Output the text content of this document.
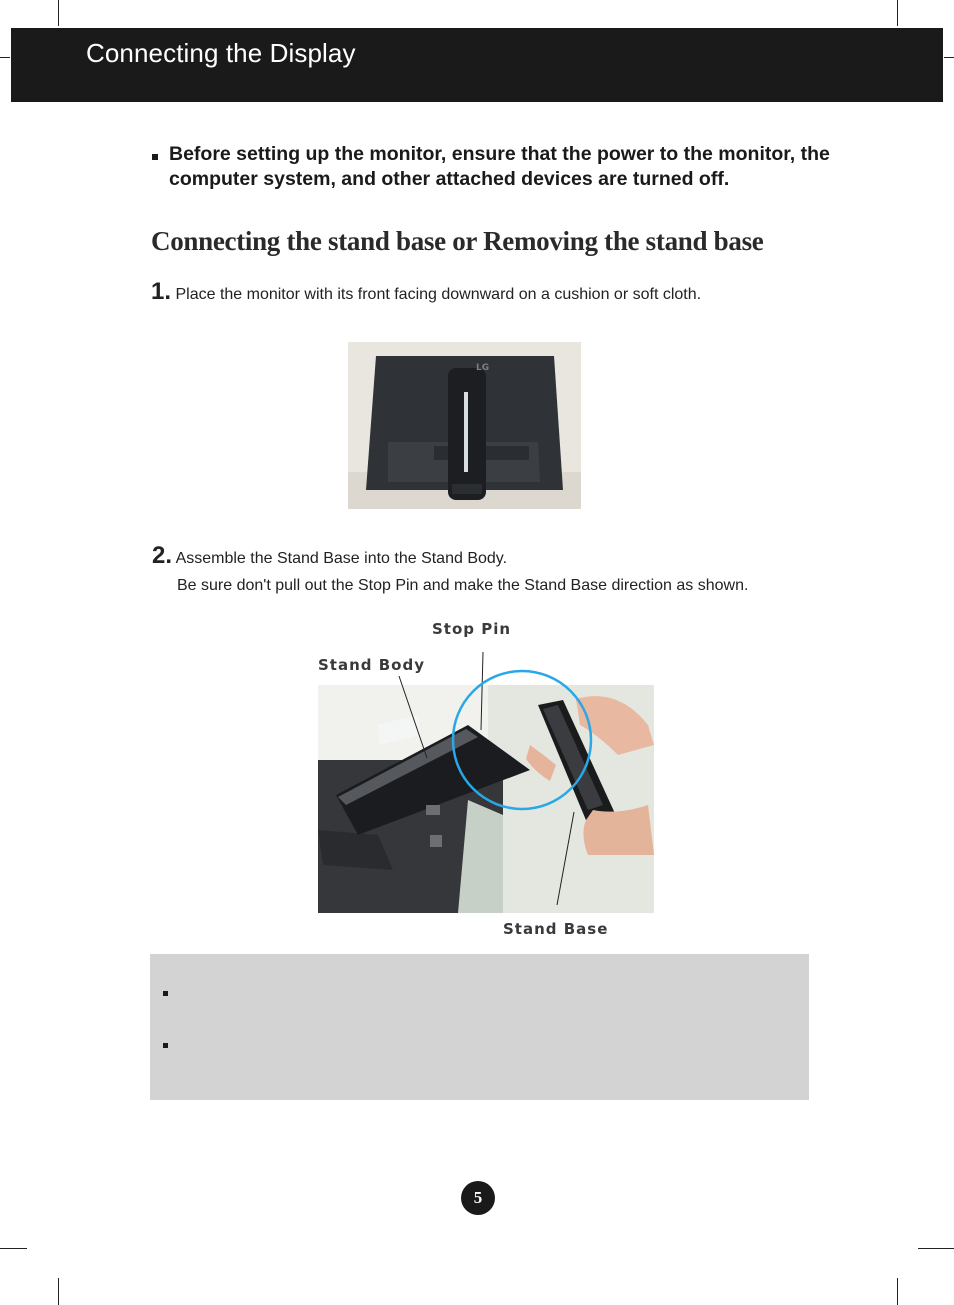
Connecting the Display
Before setting up the monitor, ensure that the power to the monitor, the computer system, and other attached devices are turned off.
Connecting the stand base or Removing the stand base
1. Place the monitor with its front facing downward on a cushion or soft cloth.
LG
2. Assemble the Stand Base into the Stand Body.
Be sure don't pull out the Stop Pin and make the Stand Base direction as shown.
Stop Pin
Stand Body
Stand Base
5
